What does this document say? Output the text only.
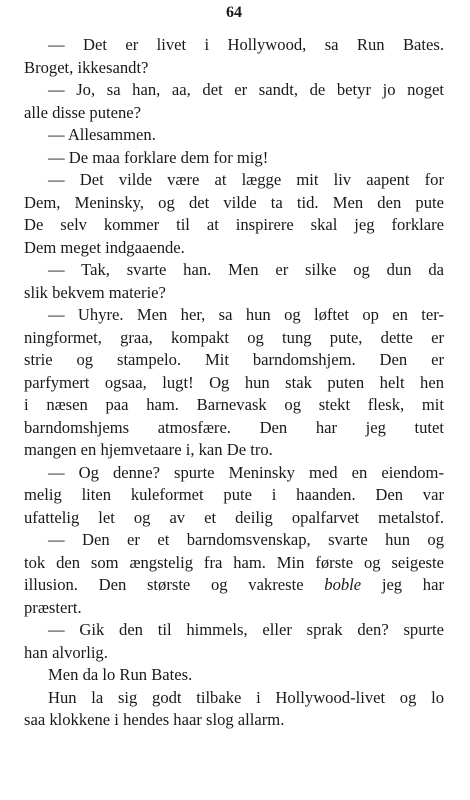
64
— Det er livet i Hollywood, sa Run Bates.
Broget, ikkesandt?
— Jo, sa han, aa, det er sandt, de betyr jo noget
alle disse putene?
— Allesammen.
— De maa forklare dem for mig!
— Det vilde være at lægge mit liv aapent for
Dem, Meninsky, og det vilde ta tid. Men den pute
De selv kommer til at inspirere skal jeg forklare
Dem meget indgaaende.
— Tak, svarte han. Men er silke og dun da
slik bekvem materie?
— Uhyre. Men her, sa hun og løftet op en ter-
ningformet, graa, kompakt og tung pute, dette er
strie og stampelo. Mit barndomshjem. Den er
parfymert ogsaa, lugt! Og hun stak puten helt hen
i næsen paa ham. Barnevask og stekt flesk, mit
barndomshjems atmosfære. Den har jeg tutet
mangen en hjemvetaare i, kan De tro.
— Og denne? spurte Meninsky med en eiendom-
melig liten kuleformet pute i haanden. Den var
ufattelig let og av et deilig opalfarvet metalstof.
— Den er et barndomsvenskap, svarte hun og
tok den som ængstelig fra ham. Min første og seigeste
illusion. Den største og vakreste boble jeg har
præstert.
— Gik den til himmels, eller sprak den? spurte
han alvorlig.
Men da lo Run Bates.
Hun la sig godt tilbake i Hollywood-livet og lo
saa klokkene i hendes haar slog allarm.
